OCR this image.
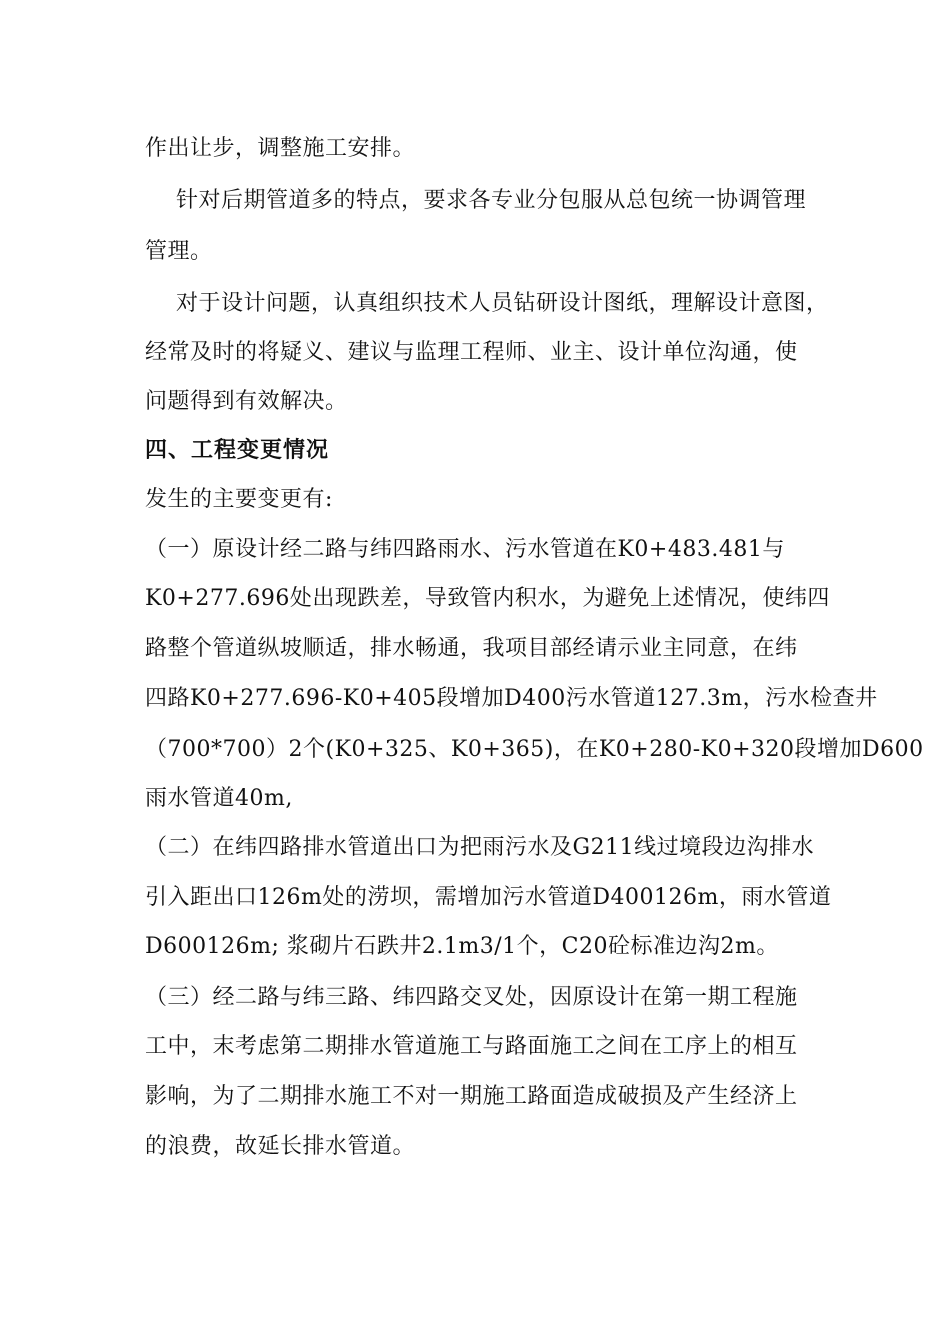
作出让步，调整施工安排。

针对后期管道多的特点，要求各专业分包服从总包统一协调管理

管理。

对于设计问题，认真组织技术人员钻研设计图纸，理解设计意图，

经常及时的将疑义、建议与监理工程师、业主、设计单位沟通，使

问题得到有效解决。

四、工程变更情况

发生的主要变更有:

（一）原设计经二路与纬四路雨水、污水管道在K0+483.481与

K0+277.696处出现跌差，导致管内积水，为避免上述情况，使纬四

路整个管道纵坡顺适，排水畅通，我项目部经请示业主同意，在纬

四路K0+277.696-K0+405段增加D400污水管道127.3m，污水检查井

（700*700）2个(K0+325、K0+365)，在K0+280-K0+320段增加D600

雨水管道40m,

（二）在纬四路排水管道出口为把雨污水及G211线过境段边沟排水

引入距出口126m处的涝坝，需增加污水管道D400126m，雨水管道

D600126m; 浆砌片石跌井2.1m3/1个，C20砼标准边沟2m。

（三）经二路与纬三路、纬四路交叉处，因原设计在第一期工程施

工中，末考虑第二期排水管道施工与路面施工之间在工序上的相互

影响，为了二期排水施工不对一期施工路面造成破损及产生经济上

的浪费，故延长排水管道。
